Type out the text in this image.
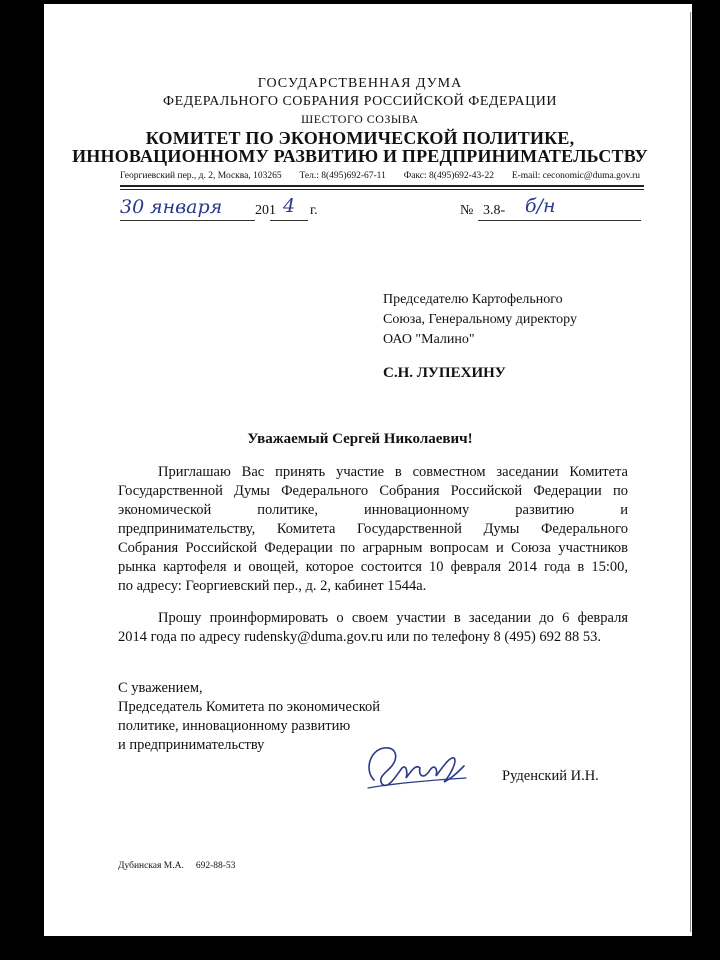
ГОСУДАРСТВЕННАЯ ДУМА
ФЕДЕРАЛЬНОГО СОБРАНИЯ РОССИЙСКОЙ ФЕДЕРАЦИИ
ШЕСТОГО СОЗЫВА
КОМИТЕТ ПО ЭКОНОМИЧЕСКОЙ ПОЛИТИКЕ,
ИННОВАЦИОННОМУ РАЗВИТИЮ И ПРЕДПРИНИМАТЕЛЬСТВУ
Георгиевский пер., д. 2, Москва, 103265 Тел.: 8(495)692-67-11 Факс: 8(495)692-43-22 E-mail: ceconomic@duma.gov.ru
30 января 201 4 г.	№ 3.8- б/н
Председателю Картофельного
Союза, Генеральному директору
ОАО "Малино"
С.Н. ЛУПЕХИНУ
Уважаемый Сергей Николаевич!
Приглашаю Вас принять участие в совместном заседании Комитета
Государственной Думы Федерального Собрания Российской Федерации по
экономической политике, инновационному развитию и
предпринимательству, Комитета Государственной Думы Федерального
Собрания Российской Федерации по аграрным вопросам и Союза участников
рынка картофеля и овощей, которое состоится 10 февраля 2014 года в 15:00,
по адресу: Георгиевский пер., д. 2, кабинет 1544а.
Прошу проинформировать о своем участии в заседании до 6 февраля
2014 года по адресу rudensky@duma.gov.ru или по телефону 8 (495) 692 88 53.
С уважением,
Председатель Комитета по экономической
политике, инновационному развитию
и предпринимательству
Руденский И.Н.
Дубинская М.А. 692-88-53
